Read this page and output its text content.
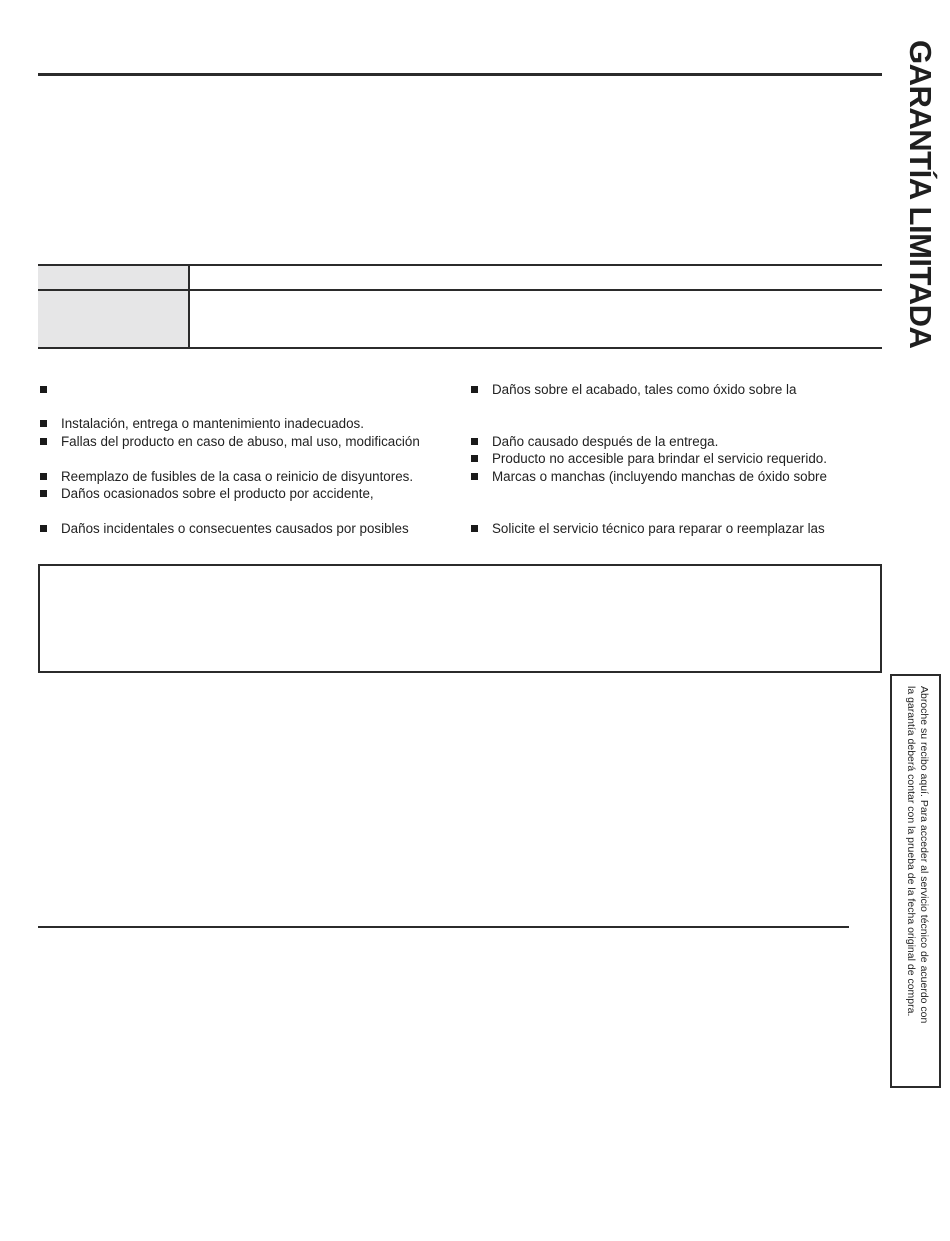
Instalación, entrega o mantenimiento inadecuados.
Fallas del producto en caso de abuso, mal uso, modificación
Reemplazo de fusibles de la casa o reinicio de disyuntores.
Daños ocasionados sobre el producto por accidente,
Daños incidentales o consecuentes causados por posibles
Daños sobre el acabado, tales como óxido sobre la
Daño causado después de la entrega.
Producto no accesible para brindar el servicio requerido.
Marcas o manchas (incluyendo manchas de óxido sobre
Solicite el servicio técnico para reparar o reemplazar las
GARANTÍA LIMITADA
Abroche su recibo aquí. Para acceder al servicio técnico de acuerdo con
la garantía deberá contar con la prueba de la fecha original de compra.
